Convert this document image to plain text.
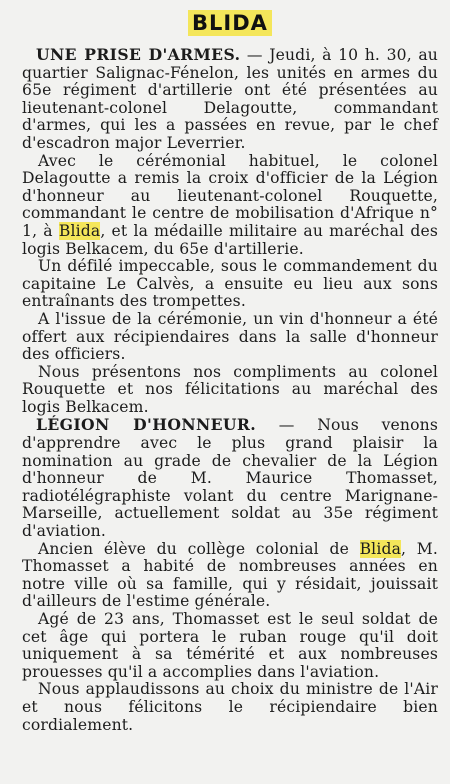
BLIDA

UNE PRISE D'ARMES. — Jeudi, à 10 h. 30, au quartier Salignac-Fénelon, les unités en armes du 65e régiment d'artillerie ont été présentées au lieutenant-colonel Delagoutte, commandant d'armes, qui les a passées en revue, par le chef d'escadron major Leverrier.

Avec le cérémonial habituel, le colonel Delagoutte a remis la croix d'officier de la Légion d'honneur au lieutenant-colonel Rouquette, commandant le centre de mobilisation d'Afrique n° 1, à Blida, et la médaille militaire au maréchal des logis Belkacem, du 65e d'artillerie.

Un défilé impeccable, sous le commandement du capitaine Le Calvès, a ensuite eu lieu aux sons entraînants des trompettes.

A l'issue de la cérémonie, un vin d'honneur a été offert aux récipiendaires dans la salle d'honneur des officiers.

Nous présentons nos compliments au colonel Rouquette et nos félicitations au maréchal des logis Belkacem.

LÉGION D'HONNEUR. — Nous venons d'apprendre avec le plus grand plaisir la nomination au grade de chevalier de la Légion d'honneur de M. Maurice Thomasset, radiotélégraphiste volant du centre Marignane-Marseille, actuellement soldat au 35e régiment d'aviation.

Ancien élève du collège colonial de Blida, M. Thomasset a habité de nombreuses années en notre ville où sa famille, qui y résidait, jouissait d'ailleurs de l'estime générale.

Agé de 23 ans, Thomasset est le seul soldat de cet âge qui portera le ruban rouge qu'il doit uniquement à sa témérité et aux nombreuses prouesses qu'il a accomplies dans l'aviation.

Nous applaudissons au choix du ministre de l'Air et nous félicitons le récipiendaire bien cordialement.
